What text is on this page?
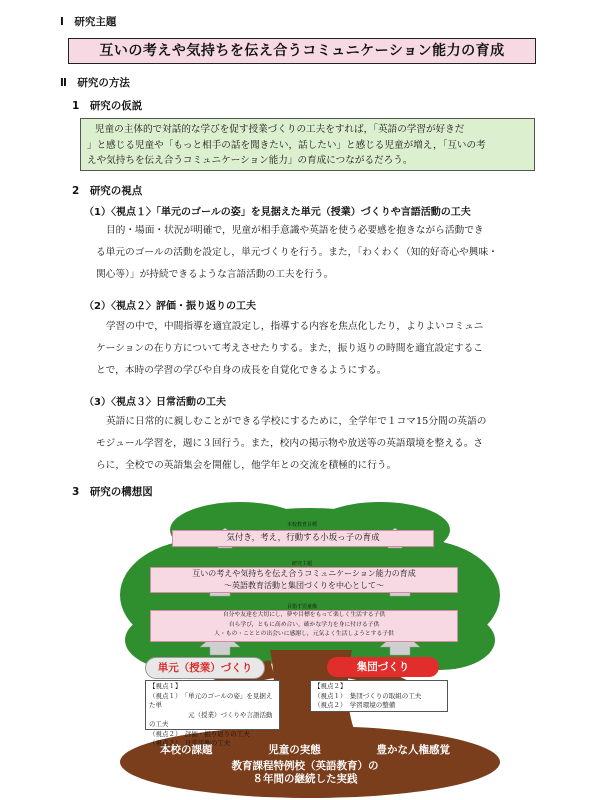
Ⅰ　 研究主題
互いの考えや気持ちを伝え合うコミュニケーション能力の育成
Ⅱ　 研究の方法
1　 研究の仮説
児童の主体的で対話的な学びを促す授業づくりの工夫をすれば，「英語の学習が好きだ
」と感じる児童や「もっと相手の話を聞きたい，話したい」と感じる児童が増え，「互いの考
えや気持ちを伝え合うコミュニケーション能力」の育成につながるだろう。
2　 研究の視点
（1）〈視点１〉「単元のゴールの姿」を見据えた単元（授業）づくりや言語活動の工夫
目的・場面・状況が明確で，児童が相手意識や英語を使う必要感を抱きながら活動でき
る単元のゴールの活動を設定し，単元づくりを行う。また，「わくわく（知的好奇心や興味・
関心等）」が持続できるような言語活動の工夫を行う。
（2）〈視点２〉評価・振り返りの工夫
学習の中で，中間指導を適宜設定し，指導する内容を焦点化したり，よりよいコミュニ
ケーションの在り方について考えさせたりする。また，振り返りの時間を適宜設定するこ
とで，本時の学習の学びや自身の成長を自覚化できるようにする。
（3）〈視点３〉日常活動の工夫
英語に日常的に親しむことができる学校にするために，全学年で１コマ15分間の英語の
モジュール学習を，週に３回行う。また，校内の掲示物や放送等の英語環境を整える。さ
らに，全校での英語集会を開催し，他学年との交流を積極的に行う。
3　 研究の構想図
本校教育目標
気付き，考え，行動する小坂っ子の育成
研究主題
互いの考えや気持ちを伝え合うコミュニケーション能力の育成
～英語教育活動と集団づくりを中心として～
目指す児童像
自分や友達を大切にし，夢や目標をもって楽しく生活する子供
自ら学び，ともに高め合い，確かな学力を身に付ける子供
人・もの・こととの出会いに感謝し，元気よく生活しようとする子供
単元（授業）づくり	集団づくり
【視点１】
（視点１）　「単元のゴールの姿」を見据えた単
　　　　　　元（授業）づくりや言語活動の工夫
（視点２）　評価・振り返りの工夫
（視点３）　日常活動の工夫
【視点２】
（視点１）　集団づくりの取組の工夫
（視点２）　学習環境の整備
本校の課題	児童の実態	豊かな人権感覚
教育課程特例校（英語教育）の
８年間の継続した実践
